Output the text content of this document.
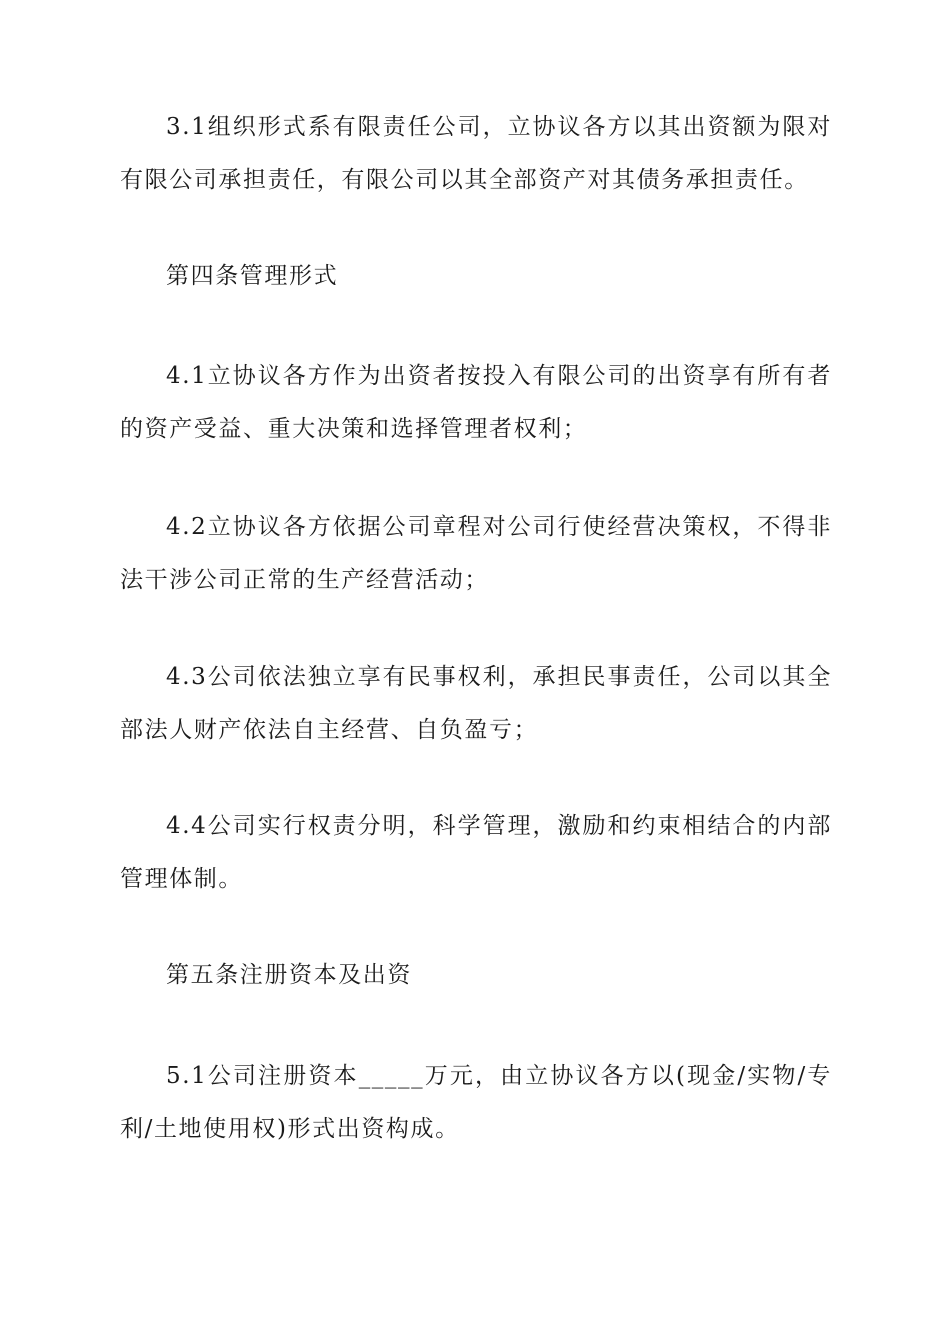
3.1组织形式系有限责任公司，立协议各方以其出资额为限对有限公司承担责任，有限公司以其全部资产对其债务承担责任。

第四条管理形式

4.1立协议各方作为出资者按投入有限公司的出资享有所有者的资产受益、重大决策和选择管理者权利；

4.2立协议各方依据公司章程对公司行使经营决策权，不得非法干涉公司正常的生产经营活动；

4.3公司依法独立享有民事权利，承担民事责任，公司以其全部法人财产依法自主经营、自负盈亏；

4.4公司实行权责分明，科学管理，激励和约束相结合的内部管理体制。

第五条注册资本及出资

5.1公司注册资本_____万元，由立协议各方以(现金/实物/专利/土地使用权)形式出资构成。
